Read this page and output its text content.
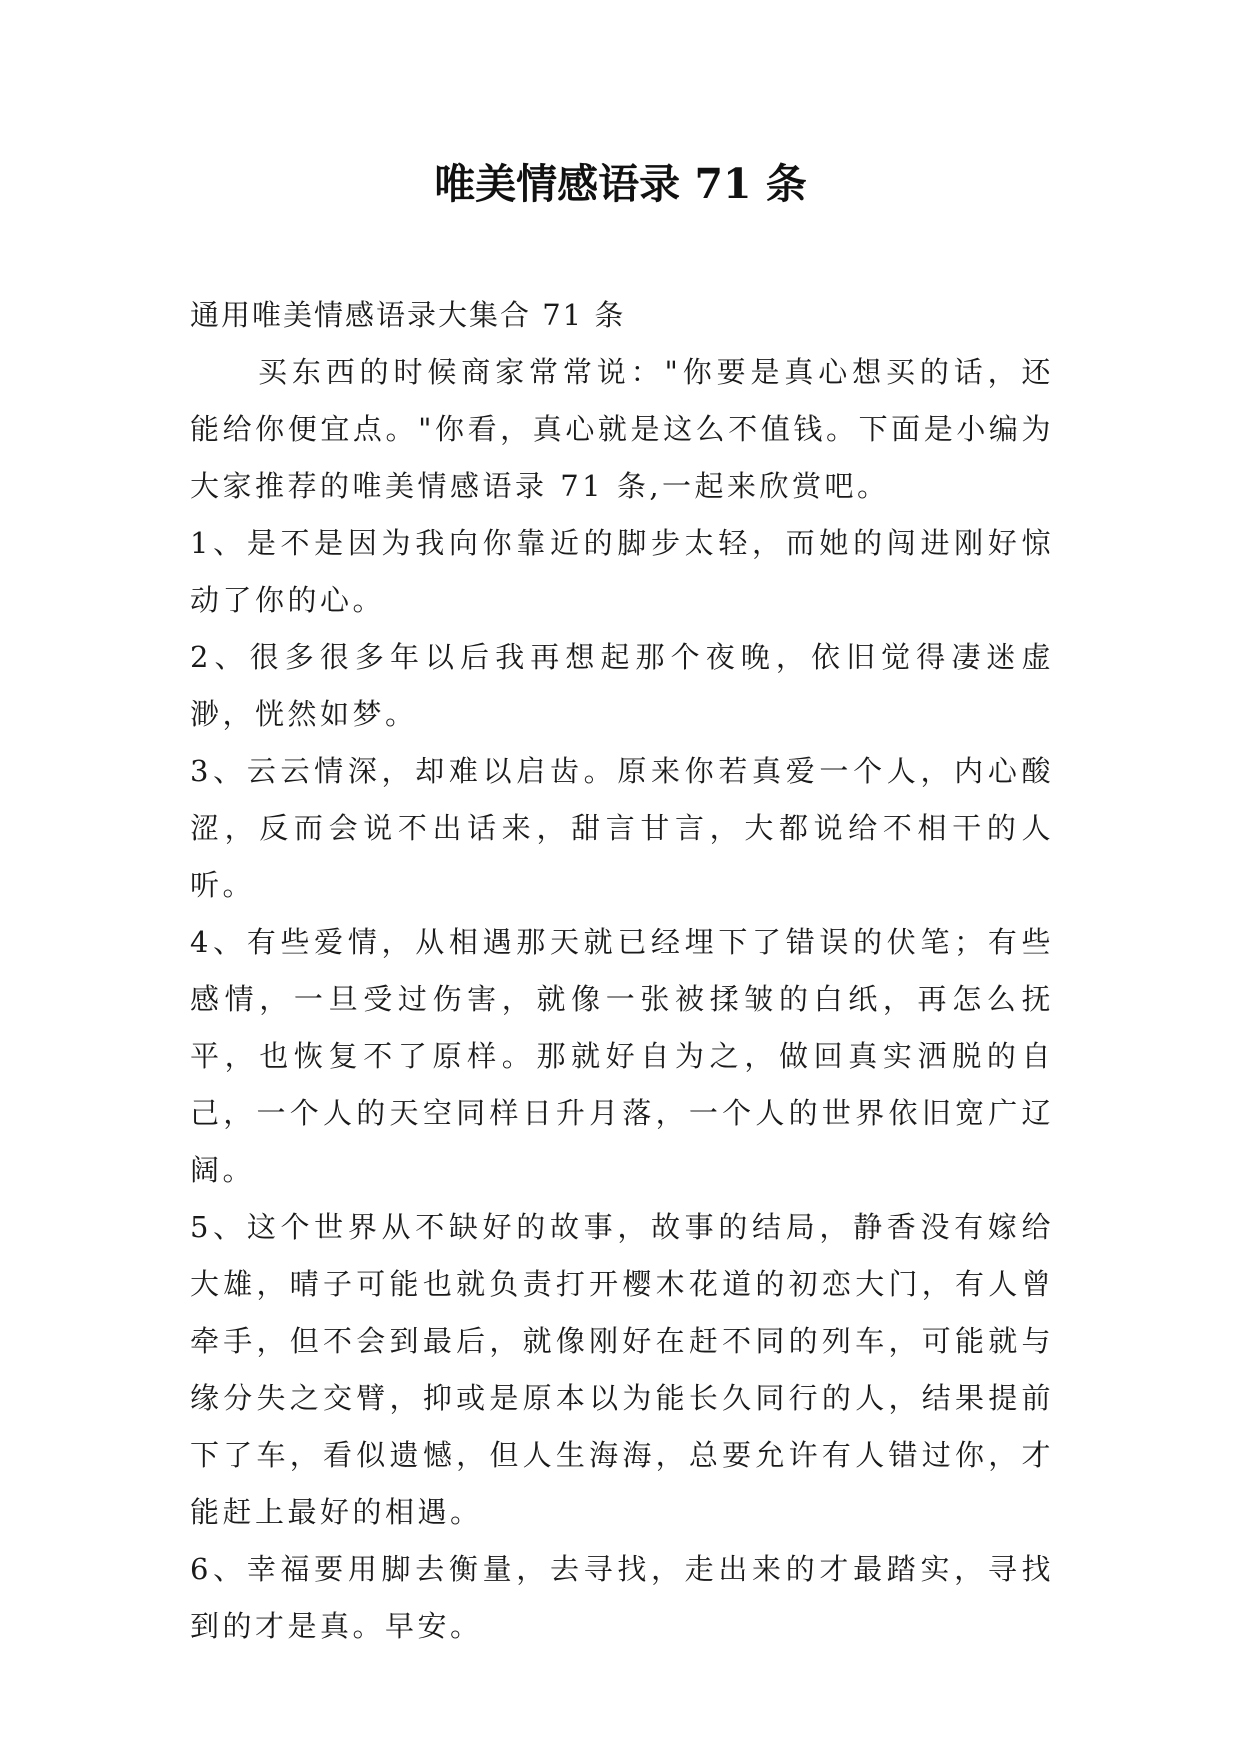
唯美情感语录 71 条

通用唯美情感语录大集合 71 条

买东西的时候商家常常说："你要是真心想买的话，还能给你便宜点。"你看，真心就是这么不值钱。下面是小编为大家推荐的唯美情感语录 71 条,一起来欣赏吧。

1、是不是因为我向你靠近的脚步太轻，而她的闯进刚好惊动了你的心。

2、很多很多年以后我再想起那个夜晚，依旧觉得凄迷虚渺，恍然如梦。

3、云云情深，却难以启齿。原来你若真爱一个人，内心酸涩，反而会说不出话来，甜言甘言，大都说给不相干的人听。

4、有些爱情，从相遇那天就已经埋下了错误的伏笔；有些感情，一旦受过伤害，就像一张被揉皱的白纸，再怎么抚平，也恢复不了原样。那就好自为之，做回真实洒脱的自己，一个人的天空同样日升月落，一个人的世界依旧宽广辽阔。

5、这个世界从不缺好的故事，故事的结局，静香没有嫁给大雄，晴子可能也就负责打开樱木花道的初恋大门，有人曾牵手，但不会到最后，就像刚好在赶不同的列车，可能就与缘分失之交臂，抑或是原本以为能长久同行的人，结果提前下了车，看似遗憾，但人生海海，总要允许有人错过你，才能赶上最好的相遇。

6、幸福要用脚去衡量，去寻找，走出来的才最踏实，寻找到的才是真。早安。
